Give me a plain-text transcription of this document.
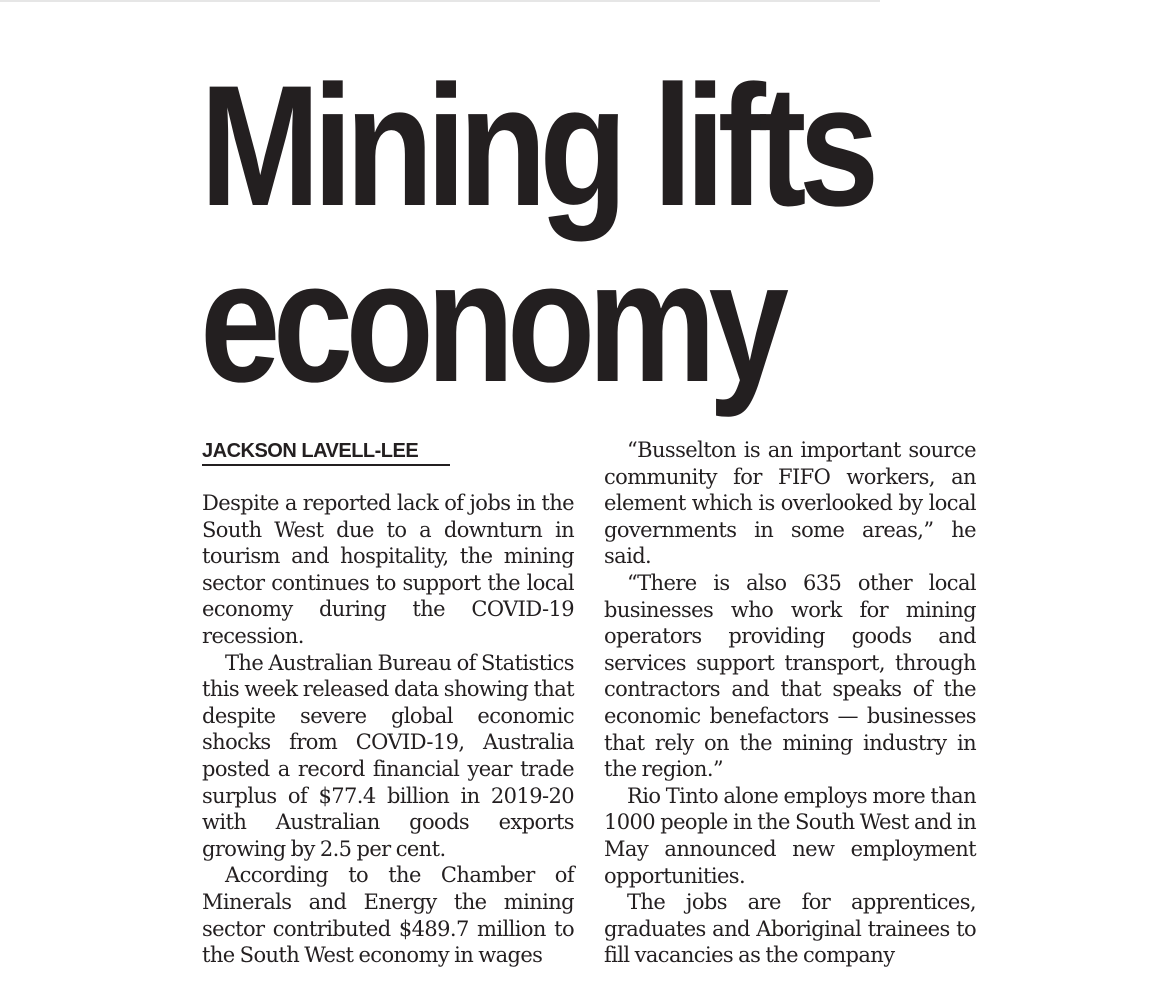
Mining lifts
economy
JACKSON LAVELL-LEE

Despite a reported lack of jobs in the South West due to a downturn in tourism and hospitality, the mining sector continues to support the local economy during the COVID-19 recession.

The Australian Bureau of Statistics this week released data showing that despite severe global economic shocks from COVID-19, Australia posted a record financial year trade surplus of $77.4 billion in 2019-20 with Australian goods exports growing by 2.5 per cent.

According to the Chamber of Minerals and Energy the mining sector contributed $489.7 million to the South West economy in wages

“Busselton is an important source community for FIFO workers, an element which is overlooked by local governments in some areas,” he said.

“There is also 635 other local businesses who work for mining operators providing goods and services support transport, through contractors and that speaks of the economic benefactors — businesses that rely on the mining industry in the region.”

Rio Tinto alone employs more than 1000 people in the South West and in May announced new employment opportunities.

The jobs are for apprentices, graduates and Aboriginal trainees to fill vacancies as the company
